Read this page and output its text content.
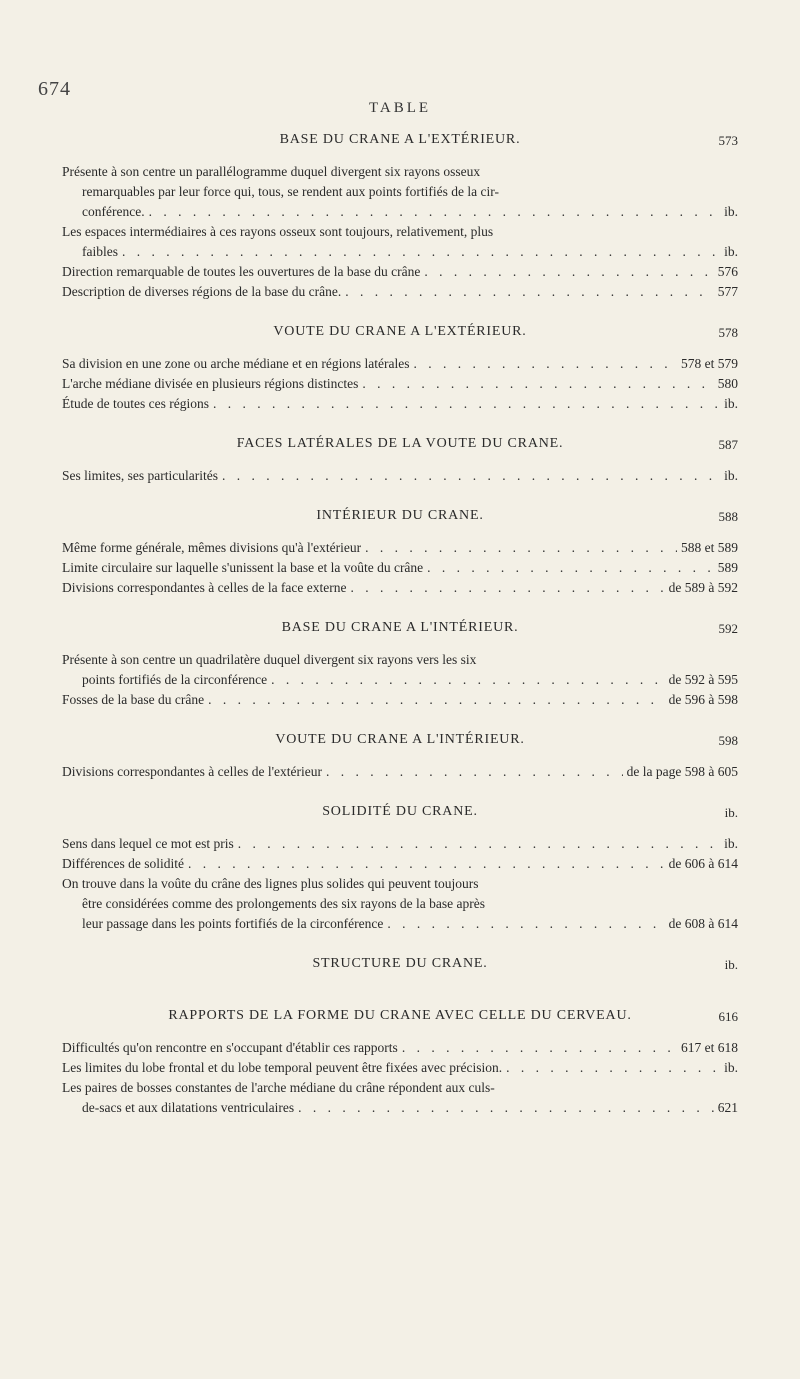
674
TABLE
BASE DU CRANE A L'EXTÉRIEUR.	573
Présente à son centre un parallélogramme duquel divergent six rayons osseux
remarquables par leur force qui, tous, se rendent aux points fortifiés de la cir-
conférence. . . .	ib.
Les espaces intermédiaires à ces rayons osseux sont toujours, relativement, plus
faibles . . .	ib.
Direction remarquable de toutes les ouvertures de la base du crâne . . .	576
Description de diverses régions de la base du crâne. . . .	577
VOUTE DU CRANE A L'EXTÉRIEUR.	578
Sa division en une zone ou arche médiane et en régions latérales . . .	578 et 579
L'arche médiane divisée en plusieurs régions distinctes . . .	580
Étude de toutes ces régions . . .	ib.
FACES LATÉRALES DE LA VOUTE DU CRANE.	587
Ses limites, ses particularités . . .	ib.
INTÉRIEUR DU CRANE.	588
Même forme générale, mêmes divisions qu'à l'extérieur . . .	588 et 589
Limite circulaire sur laquelle s'unissent la base et la voûte du crâne . . .	589
Divisions correspondantes à celles de la face externe . . .	de 589 à 592
BASE DU CRANE A L'INTÉRIEUR.	592
Présente à son centre un quadrilatère duquel divergent six rayons vers les six
points fortifiés de la circonférence . . .	de 592 à 595
Fosses de la base du crâne . . .	de 596 à 598
VOUTE DU CRANE A L'INTÉRIEUR.	598
Divisions correspondantes à celles de l'extérieur . . .	de la page 598 à 605
SOLIDITÉ DU CRANE.	ib.
Sens dans lequel ce mot est pris . . .	ib.
Différences de solidité . . .	de 606 à 614
On trouve dans la voûte du crâne des lignes plus solides qui peuvent toujours
être considérées comme des prolongements des six rayons de la base après
leur passage dans les points fortifiés de la circonférence . . .	de 608 à 614
STRUCTURE DU CRANE.	ib.
RAPPORTS DE LA FORME DU CRANE AVEC CELLE DU CERVEAU.	616
Difficultés qu'on rencontre en s'occupant d'établir ces rapports . . .	617 et 618
Les limites du lobe frontal et du lobe temporal peuvent être fixées avec précision. . . .	ib.
Les paires de bosses constantes de l'arche médiane du crâne répondent aux culs-
de-sacs et aux dilatations ventriculaires . . .	621
